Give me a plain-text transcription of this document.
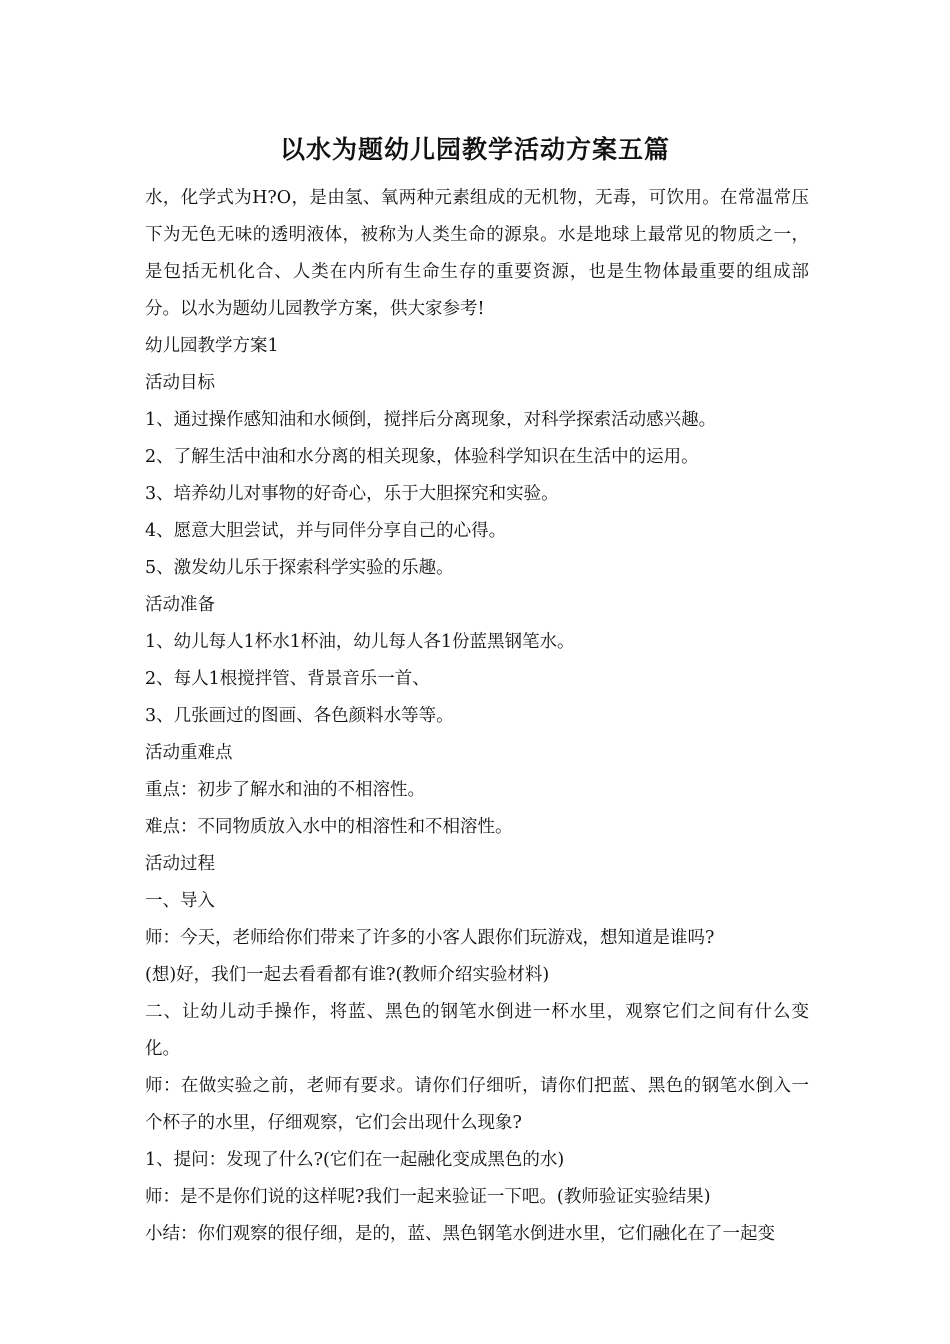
以水为题幼儿园教学活动方案五篇

水，化学式为H?O，是由氢、氧两种元素组成的无机物，无毒，可饮用。在常温常压下为无色无味的透明液体，被称为人类生命的源泉。水是地球上最常见的物质之一，是包括无机化合、人类在内所有生命生存的重要资源，也是生物体最重要的组成部分。以水为题幼儿园教学方案，供大家参考!

幼儿园教学方案1

活动目标

1、通过操作感知油和水倾倒，搅拌后分离现象，对科学探索活动感兴趣。

2、了解生活中油和水分离的相关现象，体验科学知识在生活中的运用。

3、培养幼儿对事物的好奇心，乐于大胆探究和实验。

4、愿意大胆尝试，并与同伴分享自己的心得。

5、激发幼儿乐于探索科学实验的乐趣。

活动准备

1、幼儿每人1杯水1杯油，幼儿每人各1份蓝黑钢笔水。

2、每人1根搅拌管、背景音乐一首、

3、几张画过的图画、各色颜料水等等。

活动重难点

重点：初步了解水和油的不相溶性。

难点：不同物质放入水中的相溶性和不相溶性。

活动过程

一、导入

师：今天，老师给你们带来了许多的小客人跟你们玩游戏，想知道是谁吗?

(想)好，我们一起去看看都有谁?(教师介绍实验材料)

二、让幼儿动手操作，将蓝、黑色的钢笔水倒进一杯水里，观察它们之间有什么变化。

师：在做实验之前，老师有要求。请你们仔细听，请你们把蓝、黑色的钢笔水倒入一个杯子的水里，仔细观察，它们会出现什么现象?

1、提问：发现了什么?(它们在一起融化变成黑色的水)

师：是不是你们说的这样呢?我们一起来验证一下吧。(教师验证实验结果)

小结：你们观察的很仔细，是的，蓝、黑色钢笔水倒进水里，它们融化在了一起变
